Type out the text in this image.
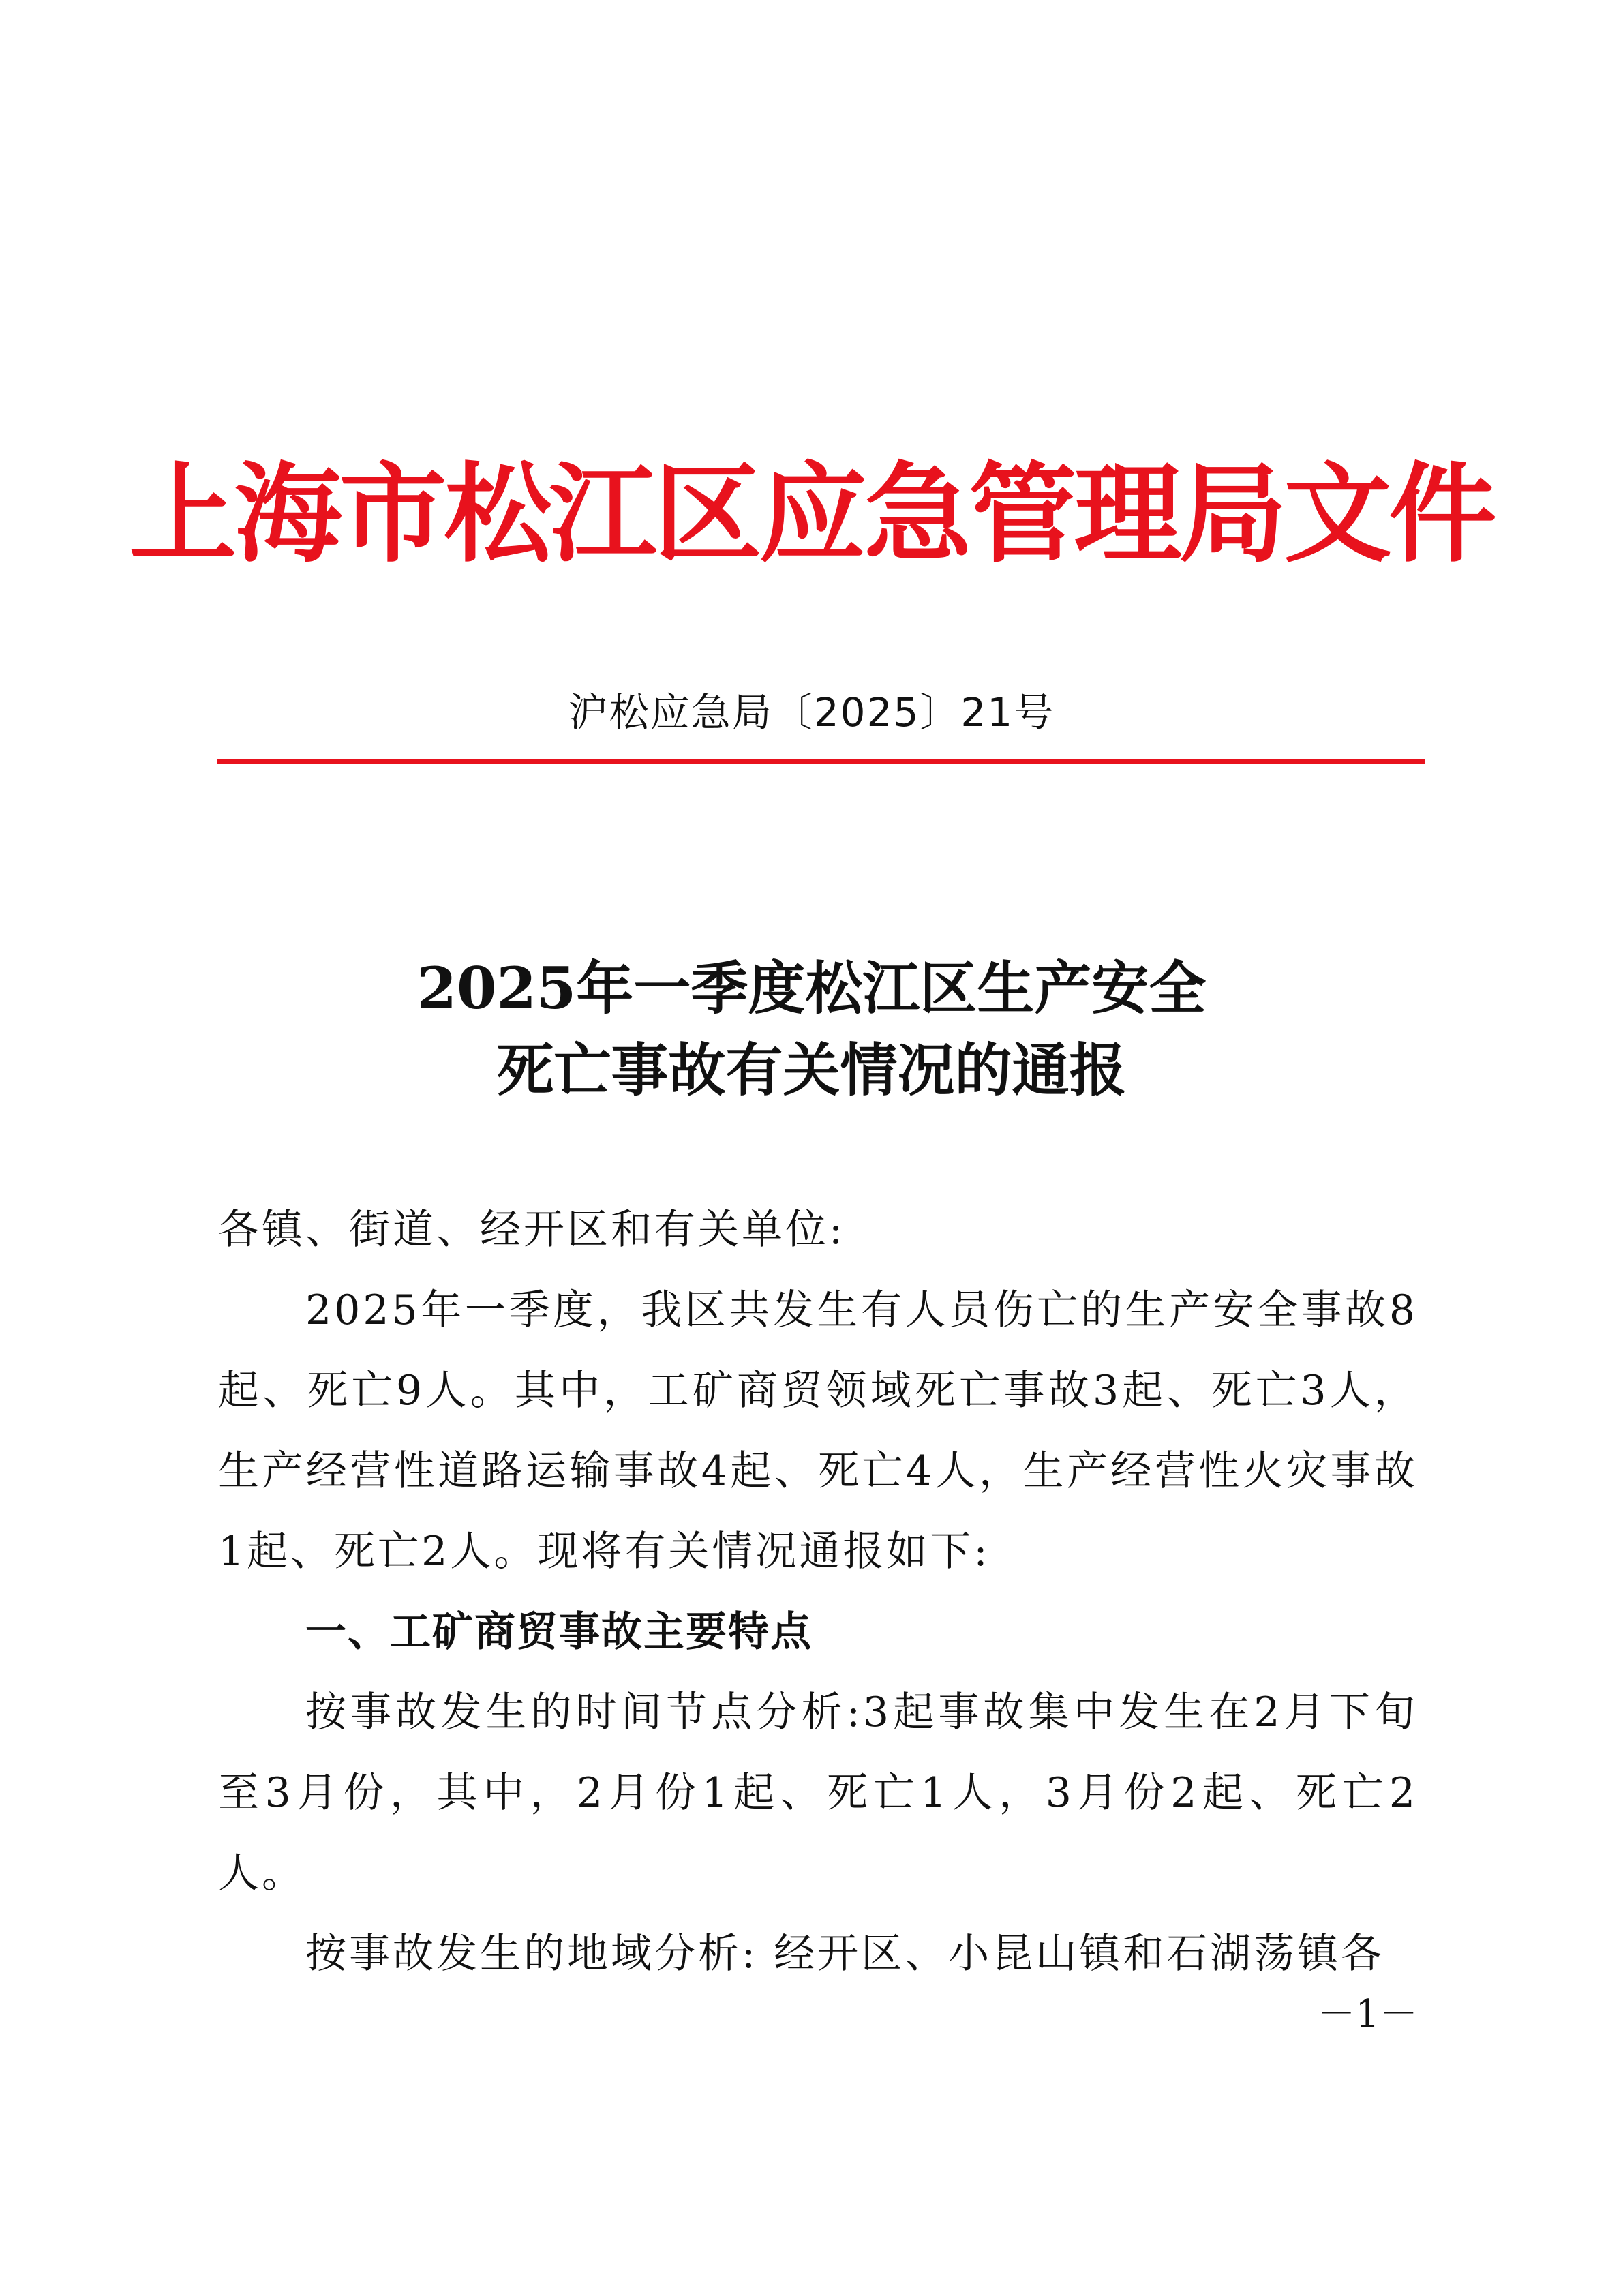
上海市松江区应急管理局文件
沪松应急局〔2025〕21号
2025年一季度松江区生产安全
死亡事故有关情况的通报

各镇、街道、经开区和有关单位:

2025年一季度，我区共发生有人员伤亡的生产安全事故8起、死亡9人。其中，工矿商贸领域死亡事故3起、死亡3人，生产经营性道路运输事故4起、死亡4人，生产经营性火灾事故1起、死亡2人。现将有关情况通报如下:

一、工矿商贸事故主要特点

按事故发生的时间节点分析:3起事故集中发生在2月下旬至3月份，其中，2月份1起、死亡1人，3月份2起、死亡2人。

按事故发生的地域分析: 经开区、小昆山镇和石湖荡镇各

－1－
